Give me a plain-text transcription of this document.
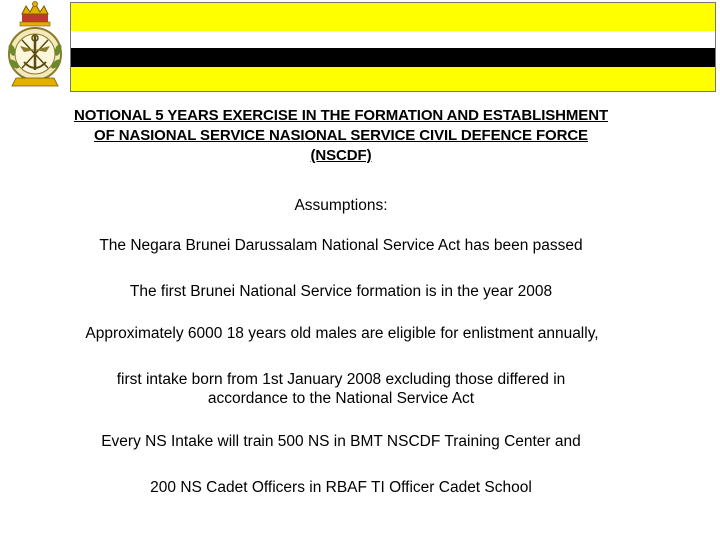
NOTIONAL 5 YEARS EXERCISE IN THE FORMATION AND ESTABLISHMENT
OF NASIONAL SERVICE NASIONAL SERVICE CIVIL DEFENCE FORCE
(NSCDF)

Assumptions:

The Negara Brunei Darussalam National Service Act has been passed

The first Brunei National Service formation is in the year 2008

Approximately 6000 18 years old males are eligible for enlistment annually,

first intake born from 1st January 2008 excluding those differed in

accordance to the National Service Act

Every NS Intake will train 500 NS in BMT NSCDF Training Center and

200 NS Cadet Officers in RBAF TI Officer Cadet School
